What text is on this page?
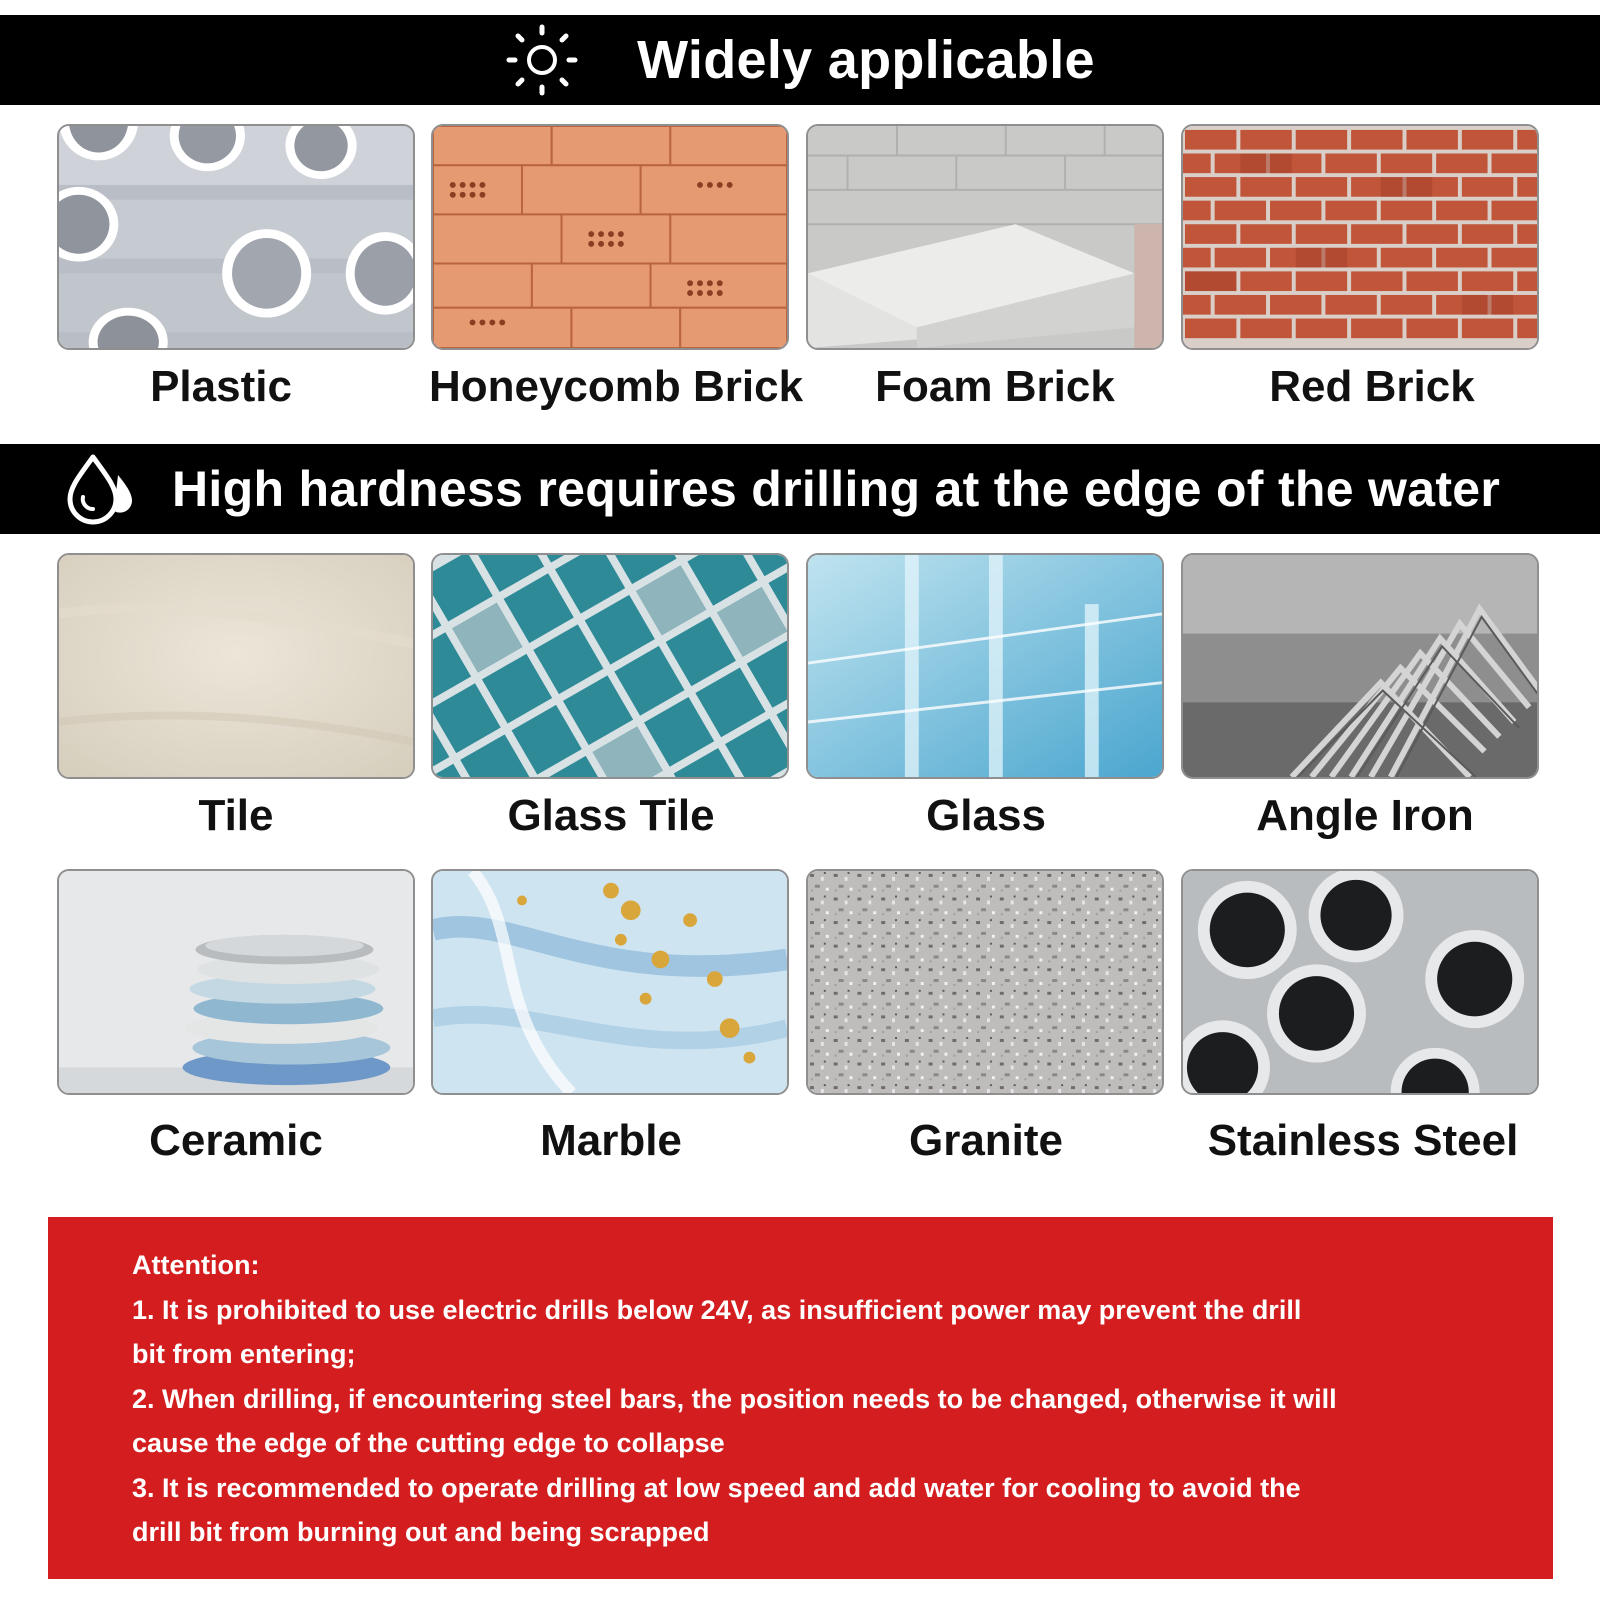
Widely applicable
High hardness requires drilling at the edge of the water
Plastic	Honeycomb Brick	Foam Brick	Red Brick
Tile	Glass Tile	Glass	Angle Iron
Ceramic	Marble	Granite	Stainless Steel
Attention:
1. It is prohibited to use electric drills below 24V, as insufficient power may prevent the drill
bit from entering;
2. When drilling, if encountering steel bars, the position needs to be changed, otherwise it will
cause the edge of the cutting edge to collapse
3. It is recommended to operate drilling at low speed and add water for cooling to avoid the
drill bit from burning out and being scrapped
